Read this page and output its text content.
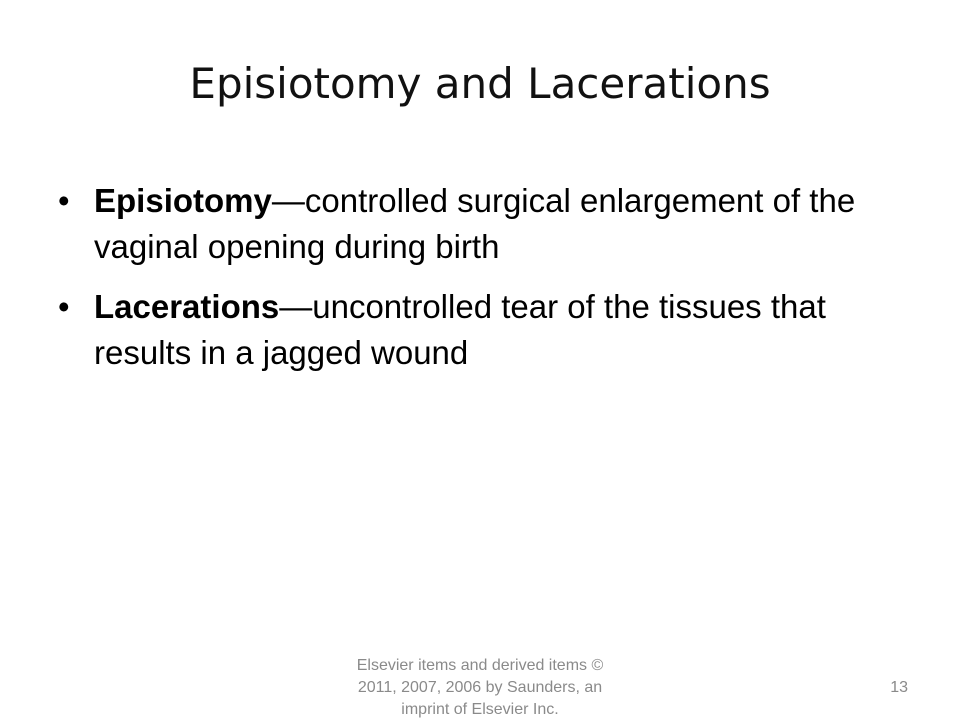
Episiotomy and Lacerations
• Episiotomy—controlled surgical enlargement of the vaginal opening during birth
• Lacerations—uncontrolled tear of the tissues that results in a jagged wound
Elsevier items and derived items © 2011, 2007, 2006 by Saunders, an imprint of Elsevier Inc.
13
